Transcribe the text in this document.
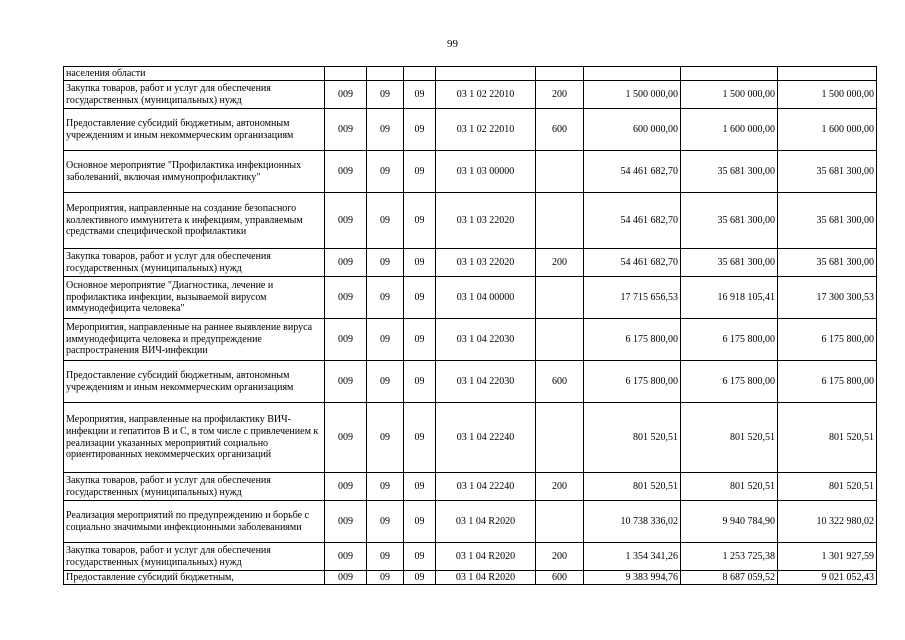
99
населения области								
Закупка товаров, работ и услуг для обеспечения государственных (муниципальных) нужд	009	09	09	03 1 02 22010	200	1 500 000,00	1 500 000,00	1 500 000,00
Предоставление субсидий бюджетным, автономным учреждениям и иным некоммерческим организациям	009	09	09	03 1 02 22010	600	600 000,00	1 600 000,00	1 600 000,00
Основное мероприятие "Профилактика инфекционных заболеваний, включая иммунопрофилактику"	009	09	09	03 1 03 00000		54 461 682,70	35 681 300,00	35 681 300,00
Мероприятия, направленные на создание безопасного коллективного иммунитета к инфекциям, управляемым средствами специфической профилактики	009	09	09	03 1 03 22020		54 461 682,70	35 681 300,00	35 681 300,00
Закупка товаров, работ и услуг для обеспечения государственных (муниципальных) нужд	009	09	09	03 1 03 22020	200	54 461 682,70	35 681 300,00	35 681 300,00
Основное мероприятие "Диагностика, лечение и профилактика инфекции, вызываемой вирусом иммунодефицита человека"	009	09	09	03 1 04 00000		17 715 656,53	16 918 105,41	17 300 300,53
Мероприятия, направленные на раннее выявление вируса иммунодефицита человека и предупреждение распространения ВИЧ-инфекции	009	09	09	03 1 04 22030		6 175 800,00	6 175 800,00	6 175 800,00
Предоставление субсидий бюджетным, автономным учреждениям и иным некоммерческим организациям	009	09	09	03 1 04 22030	600	6 175 800,00	6 175 800,00	6 175 800,00
Мероприятия, направленные на профилактику ВИЧ-инфекции и гепатитов B и C, в том числе с привлечением к реализации указанных мероприятий социально ориентированных некоммерческих организаций	009	09	09	03 1 04 22240		801 520,51	801 520,51	801 520,51
Закупка товаров, работ и услуг для обеспечения государственных (муниципальных) нужд	009	09	09	03 1 04 22240	200	801 520,51	801 520,51	801 520,51
Реализация мероприятий по предупреждению и борьбе с социально значимыми инфекционными заболеваниями	009	09	09	03 1 04 R2020		10 738 336,02	9 940 784,90	10 322 980,02
Закупка товаров, работ и услуг для обеспечения государственных (муниципальных) нужд	009	09	09	03 1 04 R2020	200	1 354 341,26	1 253 725,38	1 301 927,59
Предоставление субсидий бюджетным,	009	09	09	03 1 04 R2020	600	9 383 994,76	8 687 059,52	9 021 052,43
